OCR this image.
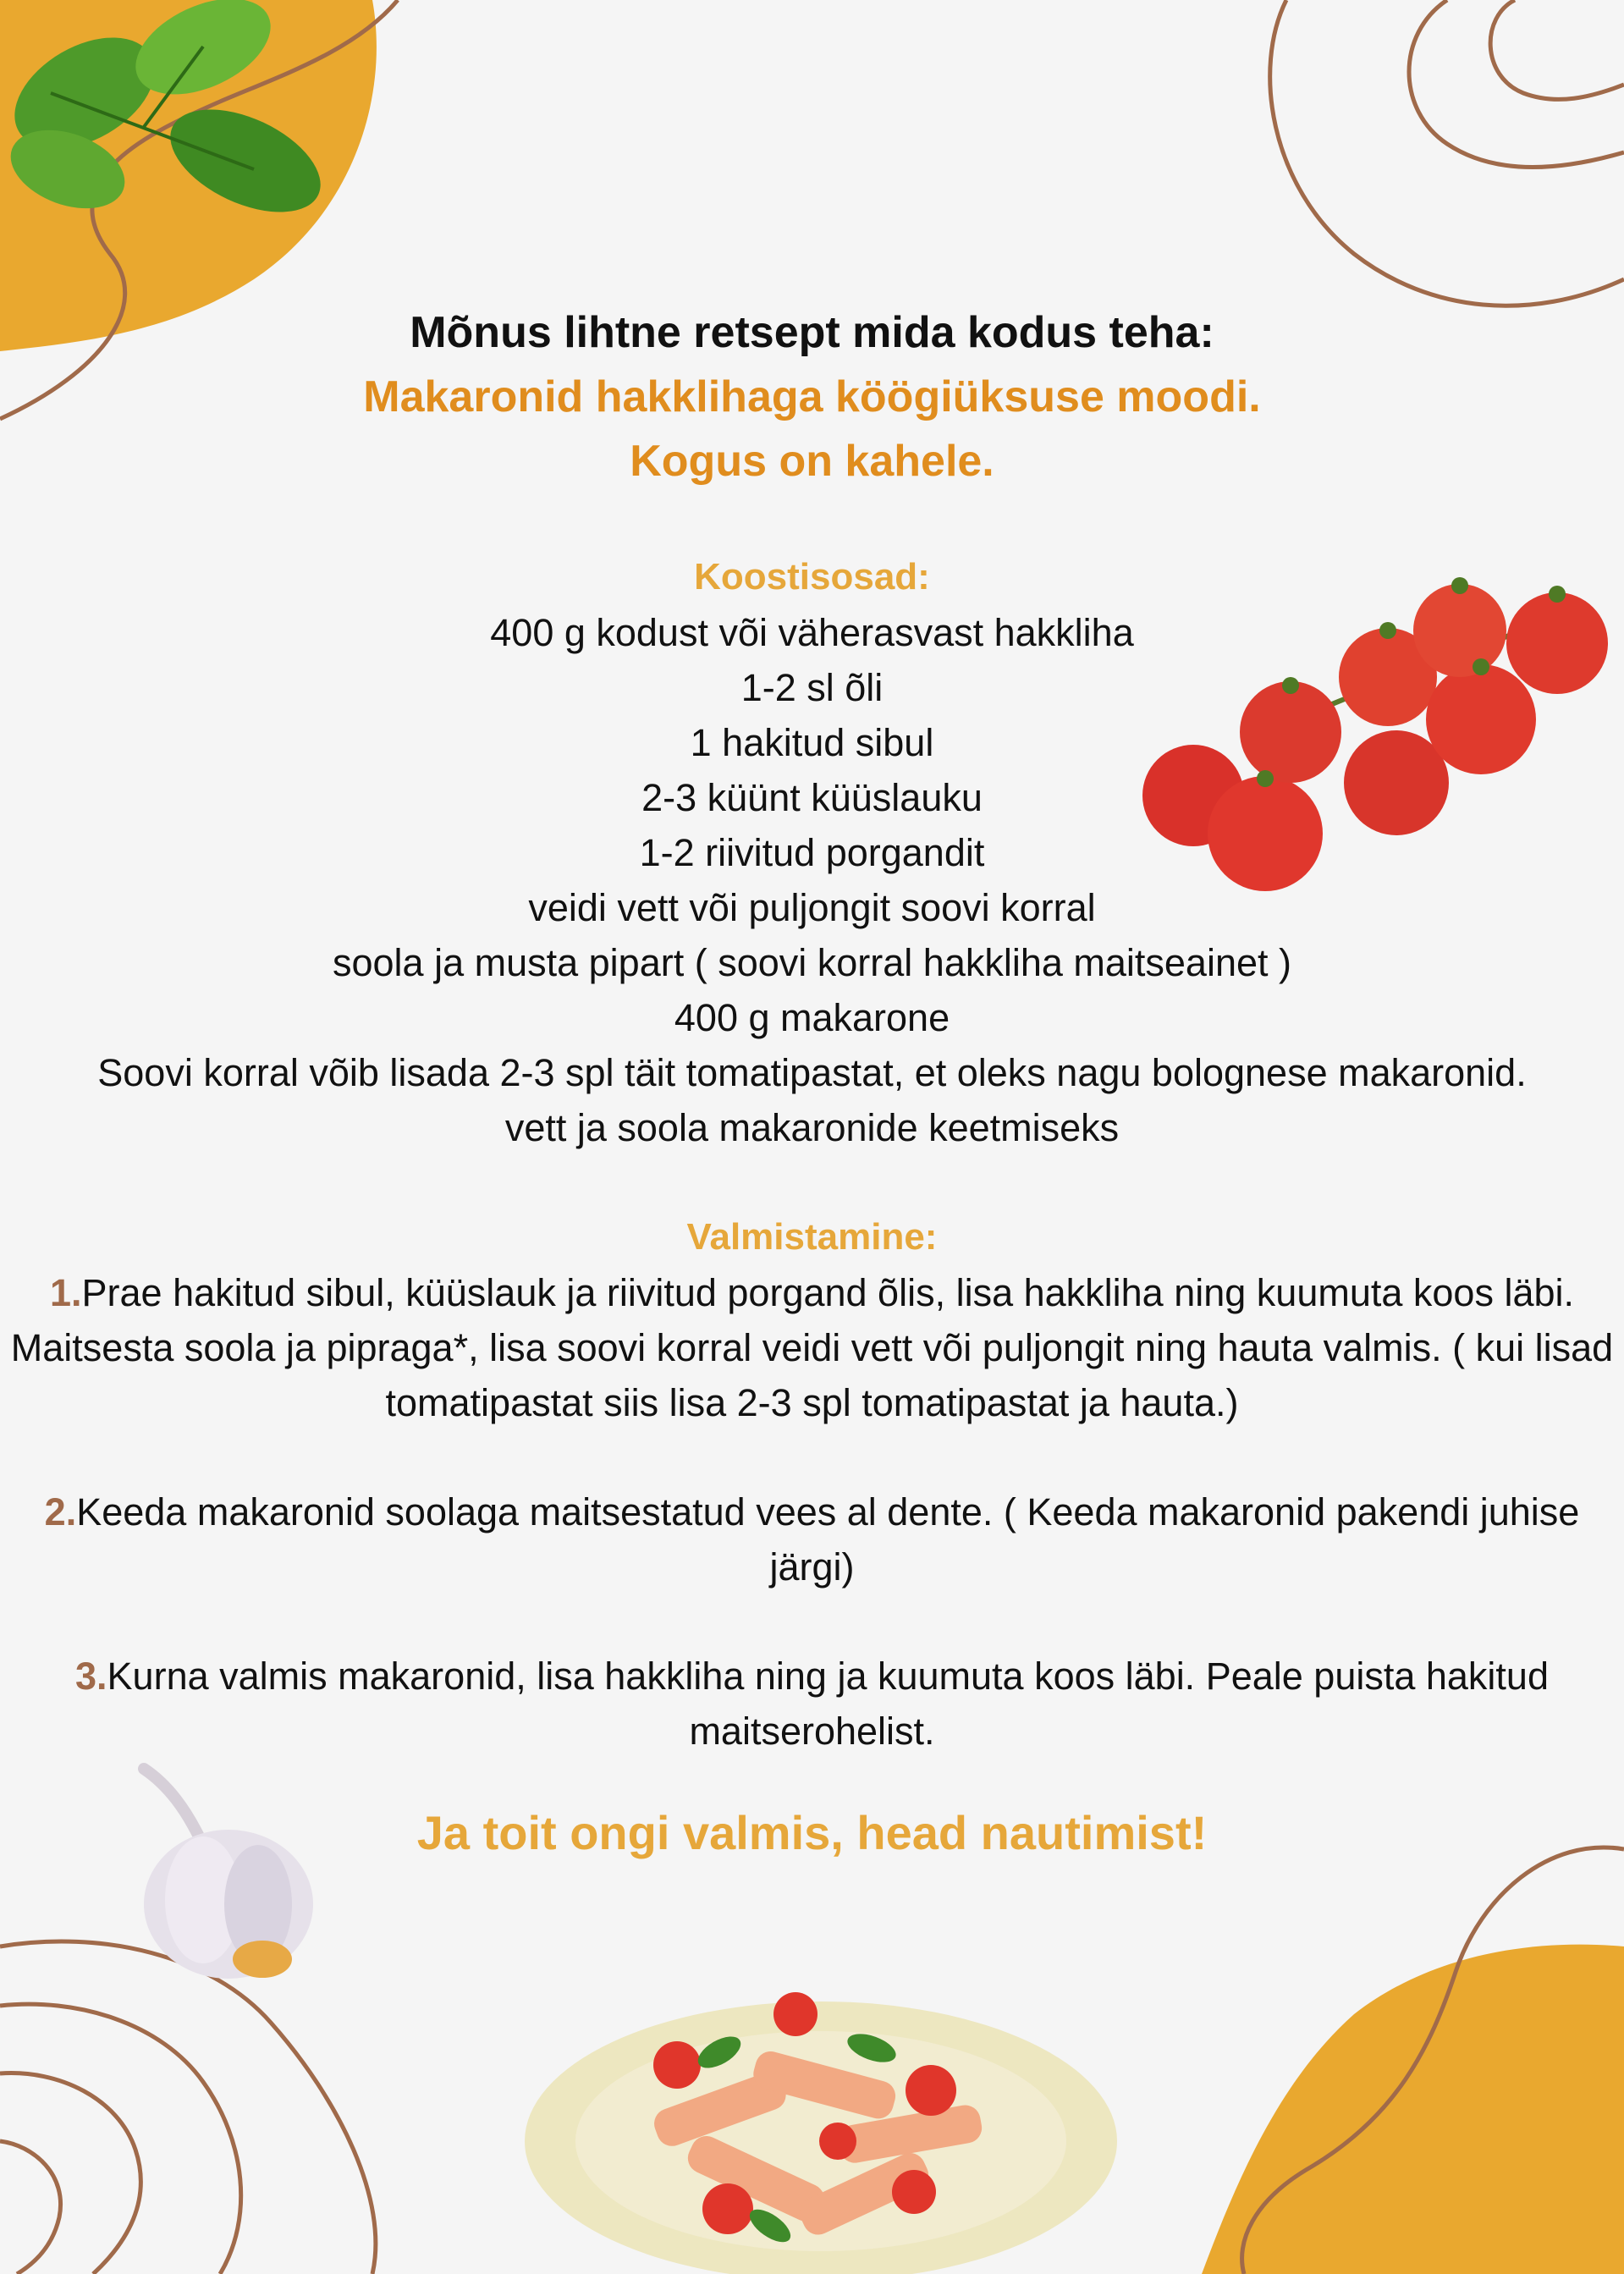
Mõnus lihtne retsept mida kodus teha:

Makaronid hakklihaga köögiüksuse moodi.

Kogus on kahele.

Koostisosad:

400 g kodust või väherasvast hakkliha

1-2 sl õli

1 hakitud sibul

2-3 küünt küüslauku

1-2 riivitud porgandit

veidi vett või puljongit soovi korral

soola ja musta pipart ( soovi korral hakkliha maitseainet )

400 g makarone

Soovi korral võib lisada 2-3 spl täit tomatipastat, et oleks nagu bolognese makaronid.

vett ja soola makaronide keetmiseks

Valmistamine:

1.Prae hakitud sibul, küüslauk ja riivitud porgand õlis, lisa hakkliha ning kuumuta koos läbi. Maitsesta soola ja pipraga*, lisa soovi korral veidi vett või puljongit ning hauta valmis. ( kui lisad tomatipastat siis lisa 2-3 spl tomatipastat ja hauta.)

2.Keeda makaronid soolaga maitsestatud vees al dente. ( Keeda makaronid pakendi juhise järgi)

3.Kurna valmis makaronid, lisa hakkliha ning ja kuumuta koos läbi. Peale puista hakitud maitserohelist.

Ja toit ongi valmis, head nautimist!
